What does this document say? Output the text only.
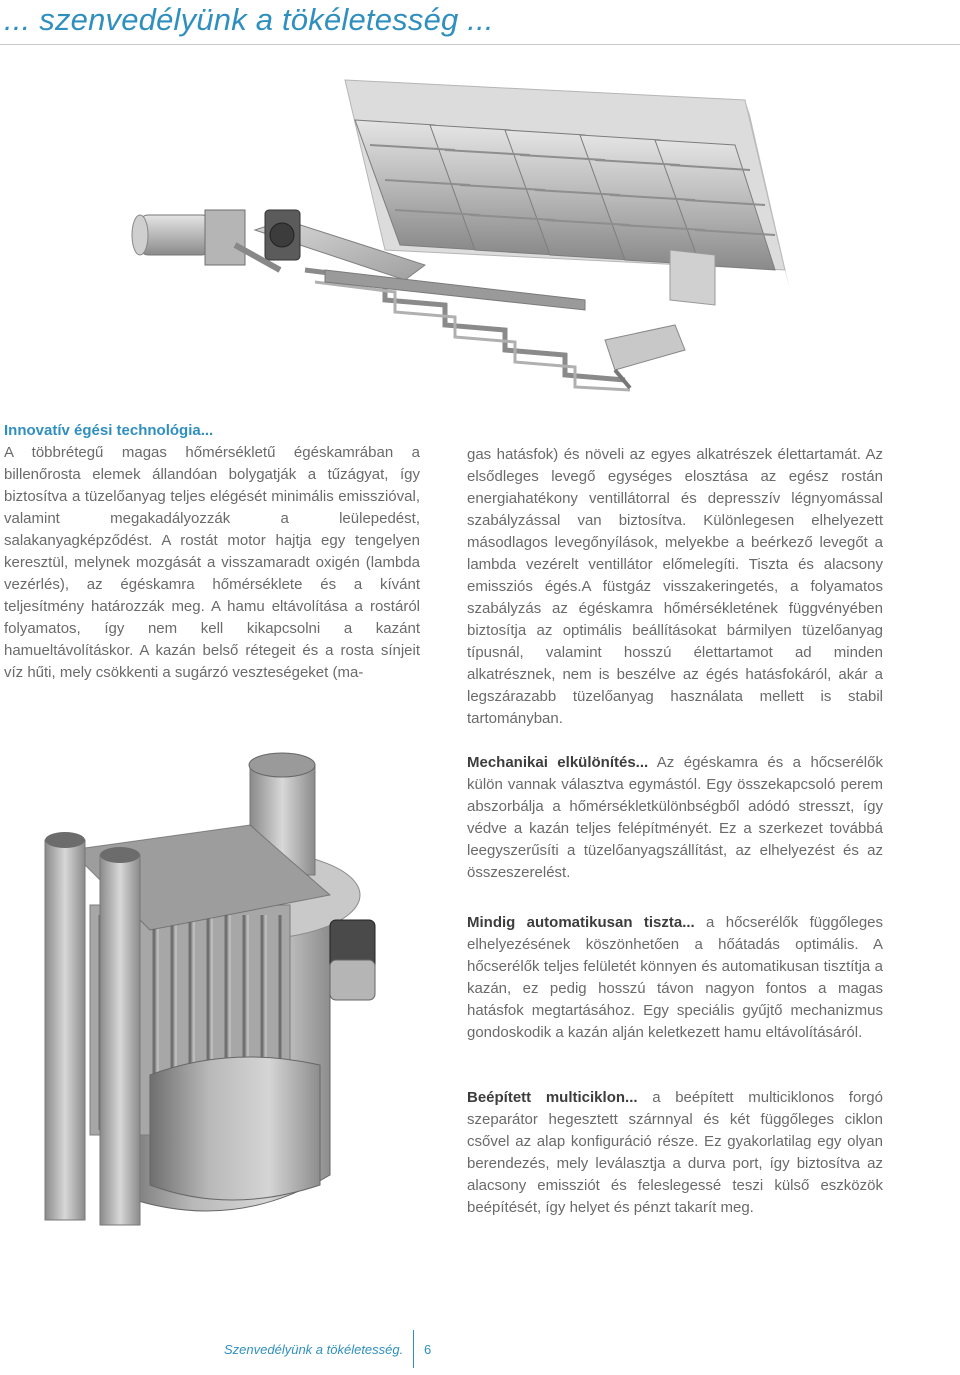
... szenvedélyünk a tökéletesség ...

Innovatív égési technológia...
A többrétegű magas hőmérsékletű égéskamrában a billenőrosta elemek állandóan bolygatják a tűzágyat, így biztosítva a tüzelőanyag teljes elégését minimális emisszióval, valamint megakadályozzák a leülepedést, salakanyagképződést. A rostát motor hajtja egy tengelyen keresztül, melynek mozgását a visszamaradt oxigén (lambda vezérlés), az égéskamra hőmérséklete és a kívánt teljesítmény határozzák meg. A hamu eltávolítása a rostáról folyamatos, így nem kell kikapcsolni a kazánt hamueltávolításkor. A kazán belső rétegeit és a rosta sínjeit víz hűti, mely csökkenti a sugárzó veszteségeket (ma-

gas hatásfok) és növeli az egyes alkatrészek élettartamát. Az elsődleges levegő egységes elosztása az egész rostán energiahatékony ventillátorral és depresszív légnyomással szabályzással van biztosítva. Különlegesen elhelyezett másodlagos levegőnyílások, melyekbe a beérkező levegőt a lambda vezérelt ventillátor előmelegíti. Tiszta és alacsony emissziós égés.A füstgáz visszakeringetés, a folyamatos szabályzás az égéskamra hőmérsékletének függvényében biztosítja az optimális beállításokat bármilyen tüzelőanyag típusnál, valamint hosszú élettartamot ad minden alkatrésznek, nem is beszélve az égés hatásfokáról, akár a legszárazabb tüzelőanyag használata mellett is stabil tartományban.

Mechanikai elkülönítés... Az égéskamra és a hőcserélők külön vannak választva egymástól. Egy összekapcsoló perem abszorbálja a hőmérsékletkülönbségből adódó stresszt, így védve a kazán teljes felépítményét. Ez a szerkezet továbbá leegyszerűsíti a tüzelőanyagszállítást, az elhelyezést és az összeszerelést.

Mindig automatikusan tiszta... a hőcserélők függőleges elhelyezésének köszönhetően a hőátadás optimális. A hőcserélők teljes felületét könnyen és automatikusan tisztítja a kazán, ez pedig hosszú távon nagyon fontos a magas hatásfok megtartásához. Egy speciális gyűjtő mechanizmus gondoskodik a kazán alján keletkezett hamu eltávolításáról.

Beépített multiciklon... a beépített multiciklonos forgó szeparátor hegesztett szárnnyal és két függőleges ciklon csővel az alap konfiguráció része. Ez gyakorlatilag egy olyan berendezés, mely leválasztja a durva port, így biztosítva az alacsony emissziót és feleslegessé teszi külső eszközök beépítését, így helyet és pénzt takarít meg.

Szenvedélyünk a tökéletesség. 6
